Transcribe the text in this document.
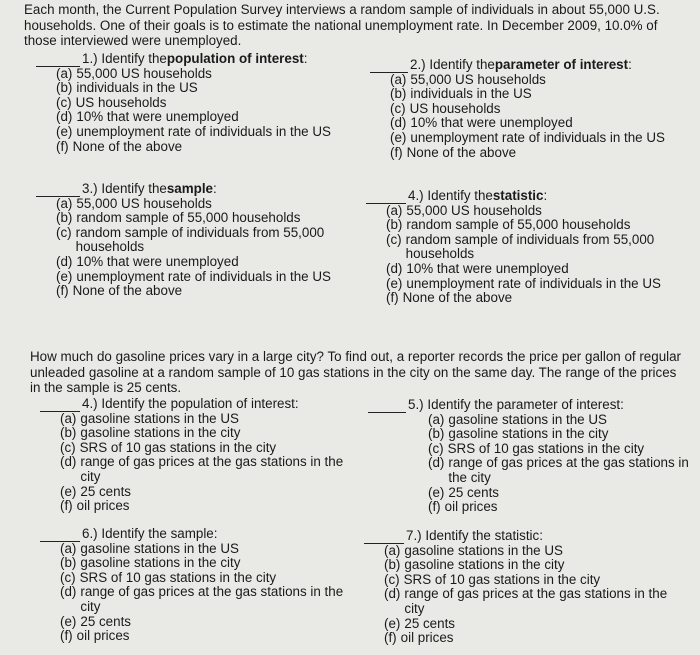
Each month, the Current Population Survey interviews a random sample of individuals in about 55,000 U.S. households. One of their goals is to estimate the national unemployment rate. In December 2009, 10.0% of those interviewed were unemployed.

1.) Identify the population of interest :
(a) 55,000 US households
(b) individuals in the US
(c) US households
(d) 10% that were unemployed
(e) unemployment rate of individuals in the US
(f) None of the above
2.) Identify the parameter of interest :
(a) 55,000 US households
(b) individuals in the US
(c) US households
(d) 10% that were unemployed
(e) unemployment rate of individuals in the US
(f) None of the above
3.) Identify the sample :
(a) 55,000 US households
(b) random sample of 55,000 households
(c) random sample of individuals from 55,000 households
(d) 10% that were unemployed
(e) unemployment rate of individuals in the US
(f) None of the above
4.) Identify the statistic :
(a) 55,000 US households
(b) random sample of 55,000 households
(c) random sample of individuals from 55,000 households
(d) 10% that were unemployed
(e) unemployment rate of individuals in the US
(f) None of the above

How much do gasoline prices vary in a large city? To find out, a reporter records the price per gallon of regular unleaded gasoline at a random sample of 10 gas stations in the city on the same day. The range of the prices in the sample is 25 cents.

4.) Identify the population of interest:
(a) gasoline stations in the US
(b) gasoline stations in the city
(c) SRS of 10 gas stations in the city
(d) range of gas prices at the gas stations in the city
(e) 25 cents
(f) oil prices
5.) Identify the parameter of interest:
(a) gasoline stations in the US
(b) gasoline stations in the city
(c) SRS of 10 gas stations in the city
(d) range of gas prices at the gas stations in the city
(e) 25 cents
(f) oil prices
6.) Identify the sample:
(a) gasoline stations in the US
(b) gasoline stations in the city
(c) SRS of 10 gas stations in the city
(d) range of gas prices at the gas stations in the city
(e) 25 cents
(f) oil prices
7.) Identify the statistic:
(a) gasoline stations in the US
(b) gasoline stations in the city
(c) SRS of 10 gas stations in the city
(d) range of gas prices at the gas stations in the city
(e) 25 cents
(f) oil prices
